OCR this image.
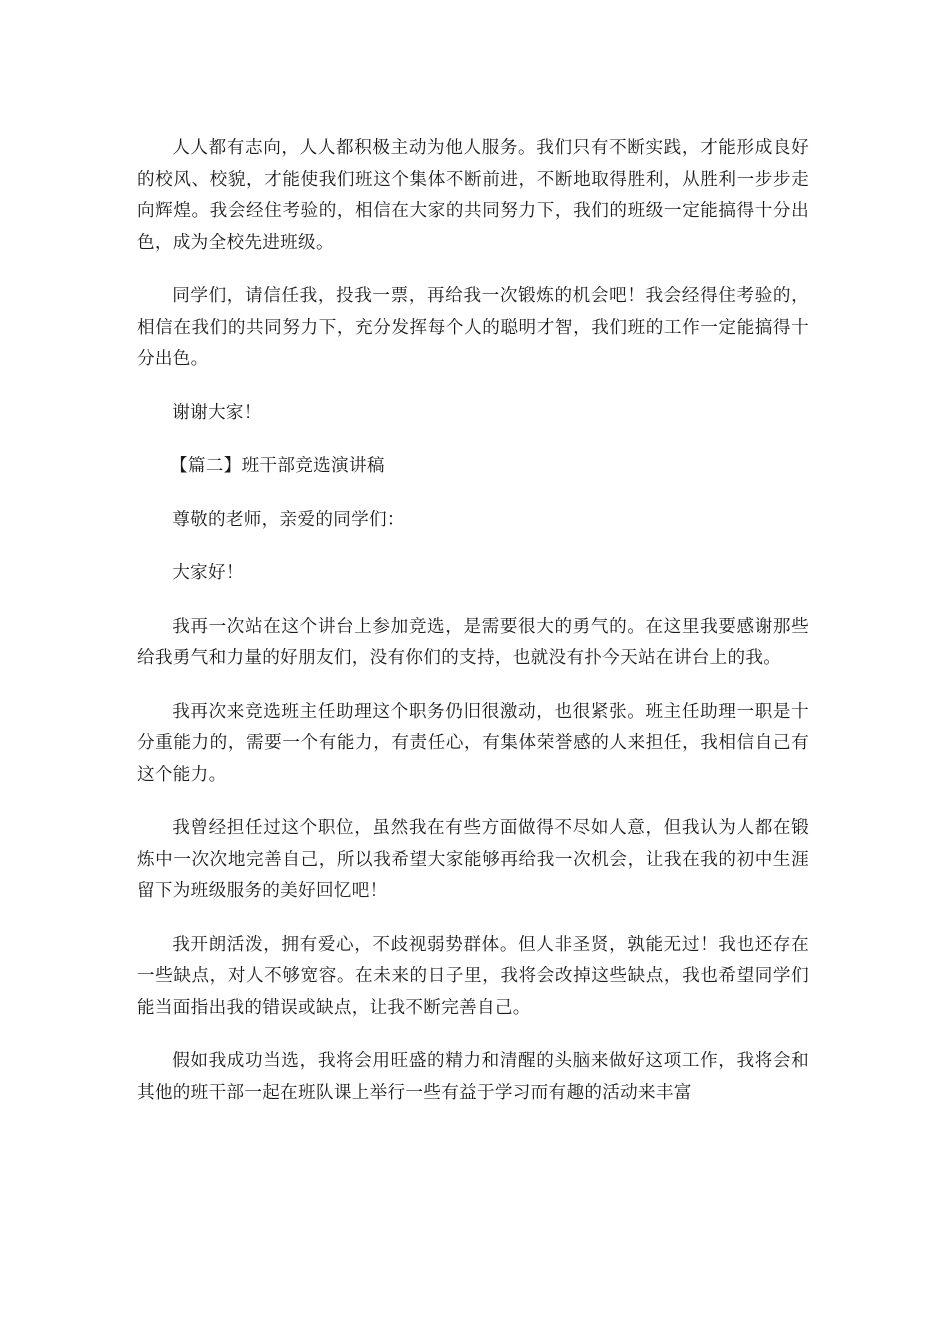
人人都有志向，人人都积极主动为他人服务。我们只有不断实践，才能形成良好的校风、校貌，才能使我们班这个集体不断前进，不断地取得胜利，从胜利一步步走向辉煌。我会经住考验的，相信在大家的共同努力下，我们的班级一定能搞得十分出色，成为全校先进班级。

同学们，请信任我，投我一票，再给我一次锻炼的机会吧！我会经得住考验的，相信在我们的共同努力下，充分发挥每个人的聪明才智，我们班的工作一定能搞得十分出色。

谢谢大家！

【篇二】班干部竞选演讲稿

尊敬的老师，亲爱的同学们：

大家好！

我再一次站在这个讲台上参加竞选，是需要很大的勇气的。在这里我要感谢那些给我勇气和力量的好朋友们，没有你们的支持，也就没有扑今天站在讲台上的我。

我再次来竞选班主任助理这个职务仍旧很激动，也很紧张。班主任助理一职是十分重能力的，需要一个有能力，有责任心，有集体荣誉感的人来担任，我相信自己有这个能力。

我曾经担任过这个职位，虽然我在有些方面做得不尽如人意，但我认为人都在锻炼中一次次地完善自己，所以我希望大家能够再给我一次机会，让我在我的初中生涯留下为班级服务的美好回忆吧！

我开朗活泼，拥有爱心，不歧视弱势群体。但人非圣贤，孰能无过！我也还存在一些缺点，对人不够宽容。在未来的日子里，我将会改掉这些缺点，我也希望同学们能当面指出我的错误或缺点，让我不断完善自己。

假如我成功当选，我将会用旺盛的精力和清醒的头脑来做好这项工作，我将会和其他的班干部一起在班队课上举行一些有益于学习而有趣的活动来丰富
